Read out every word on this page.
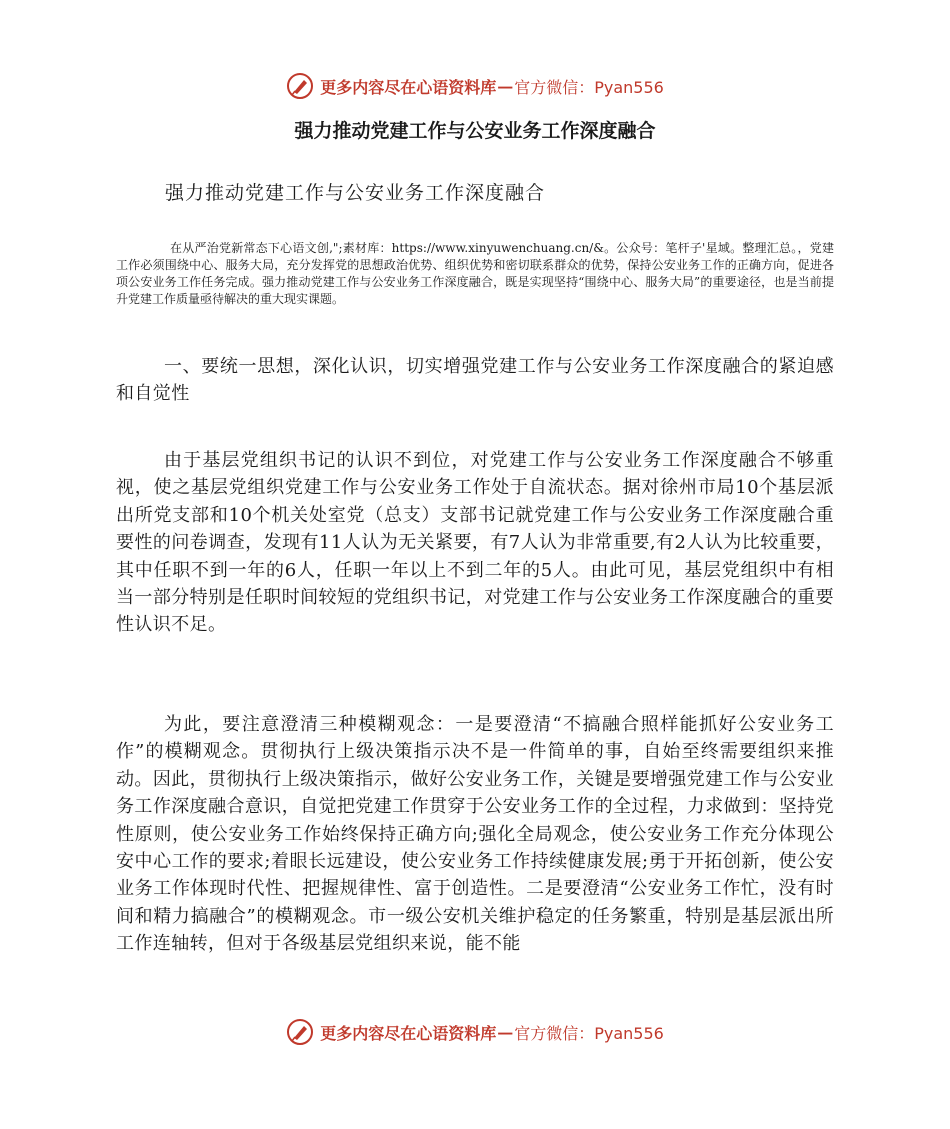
更多内容尽在心语资料库 — 官方微信：Pyan556
强力推动党建工作与公安业务工作深度融合
强力推动党建工作与公安业务工作深度融合

在从严治党新常态下心语文创,";素材库：https://www.xinyuwenchuang.cn/&。公众号：笔杆子'星域。整理汇总。，党建工作必须围绕中心、服务大局，充分发挥党的思想政治优势、组织优势和密切联系群众的优势，保持公安业务工作的正确方向，促进各项公安业务工作任务完成。强力推动党建工作与公安业务工作深度融合，既是实现坚持“围绕中心、服务大局”的重要途径，也是当前提升党建工作质量亟待解决的重大现实课题。

一、要统一思想，深化认识，切实增强党建工作与公安业务工作深度融合的紧迫感和自觉性

由于基层党组织书记的认识不到位，对党建工作与公安业务工作深度融合不够重视，使之基层党组织党建工作与公安业务工作处于自流状态。据对徐州市局10个基层派出所党支部和10个机关处室党（总支）支部书记就党建工作与公安业务工作深度融合重要性的问卷调查，发现有11人认为无关紧要，有7人认为非常重要,有2人认为比较重要，其中任职不到一年的6人，任职一年以上不到二年的5人。由此可见，基层党组织中有相当一部分特别是任职时间较短的党组织书记，对党建工作与公安业务工作深度融合的重要性认识不足。

为此，要注意澄清三种模糊观念：一是要澄清“不搞融合照样能抓好公安业务工作”的模糊观念。贯彻执行上级决策指示决不是一件简单的事，自始至终需要组织来推动。因此，贯彻执行上级决策指示，做好公安业务工作，关键是要增强党建工作与公安业务工作深度融合意识，自觉把党建工作贯穿于公安业务工作的全过程，力求做到：坚持党性原则，使公安业务工作始终保持正确方向;强化全局观念，使公安业务工作充分体现公安中心工作的要求;着眼长远建设，使公安业务工作持续健康发展;勇于开拓创新，使公安业务工作体现时代性、把握规律性、富于创造性。二是要澄清“公安业务工作忙，没有时间和精力搞融合”的模糊观念。市一级公安机关维护稳定的任务繁重，特别是基层派出所工作连轴转，但对于各级基层党组织来说，能不能

更多内容尽在心语资料库 — 官方微信：Pyan556
